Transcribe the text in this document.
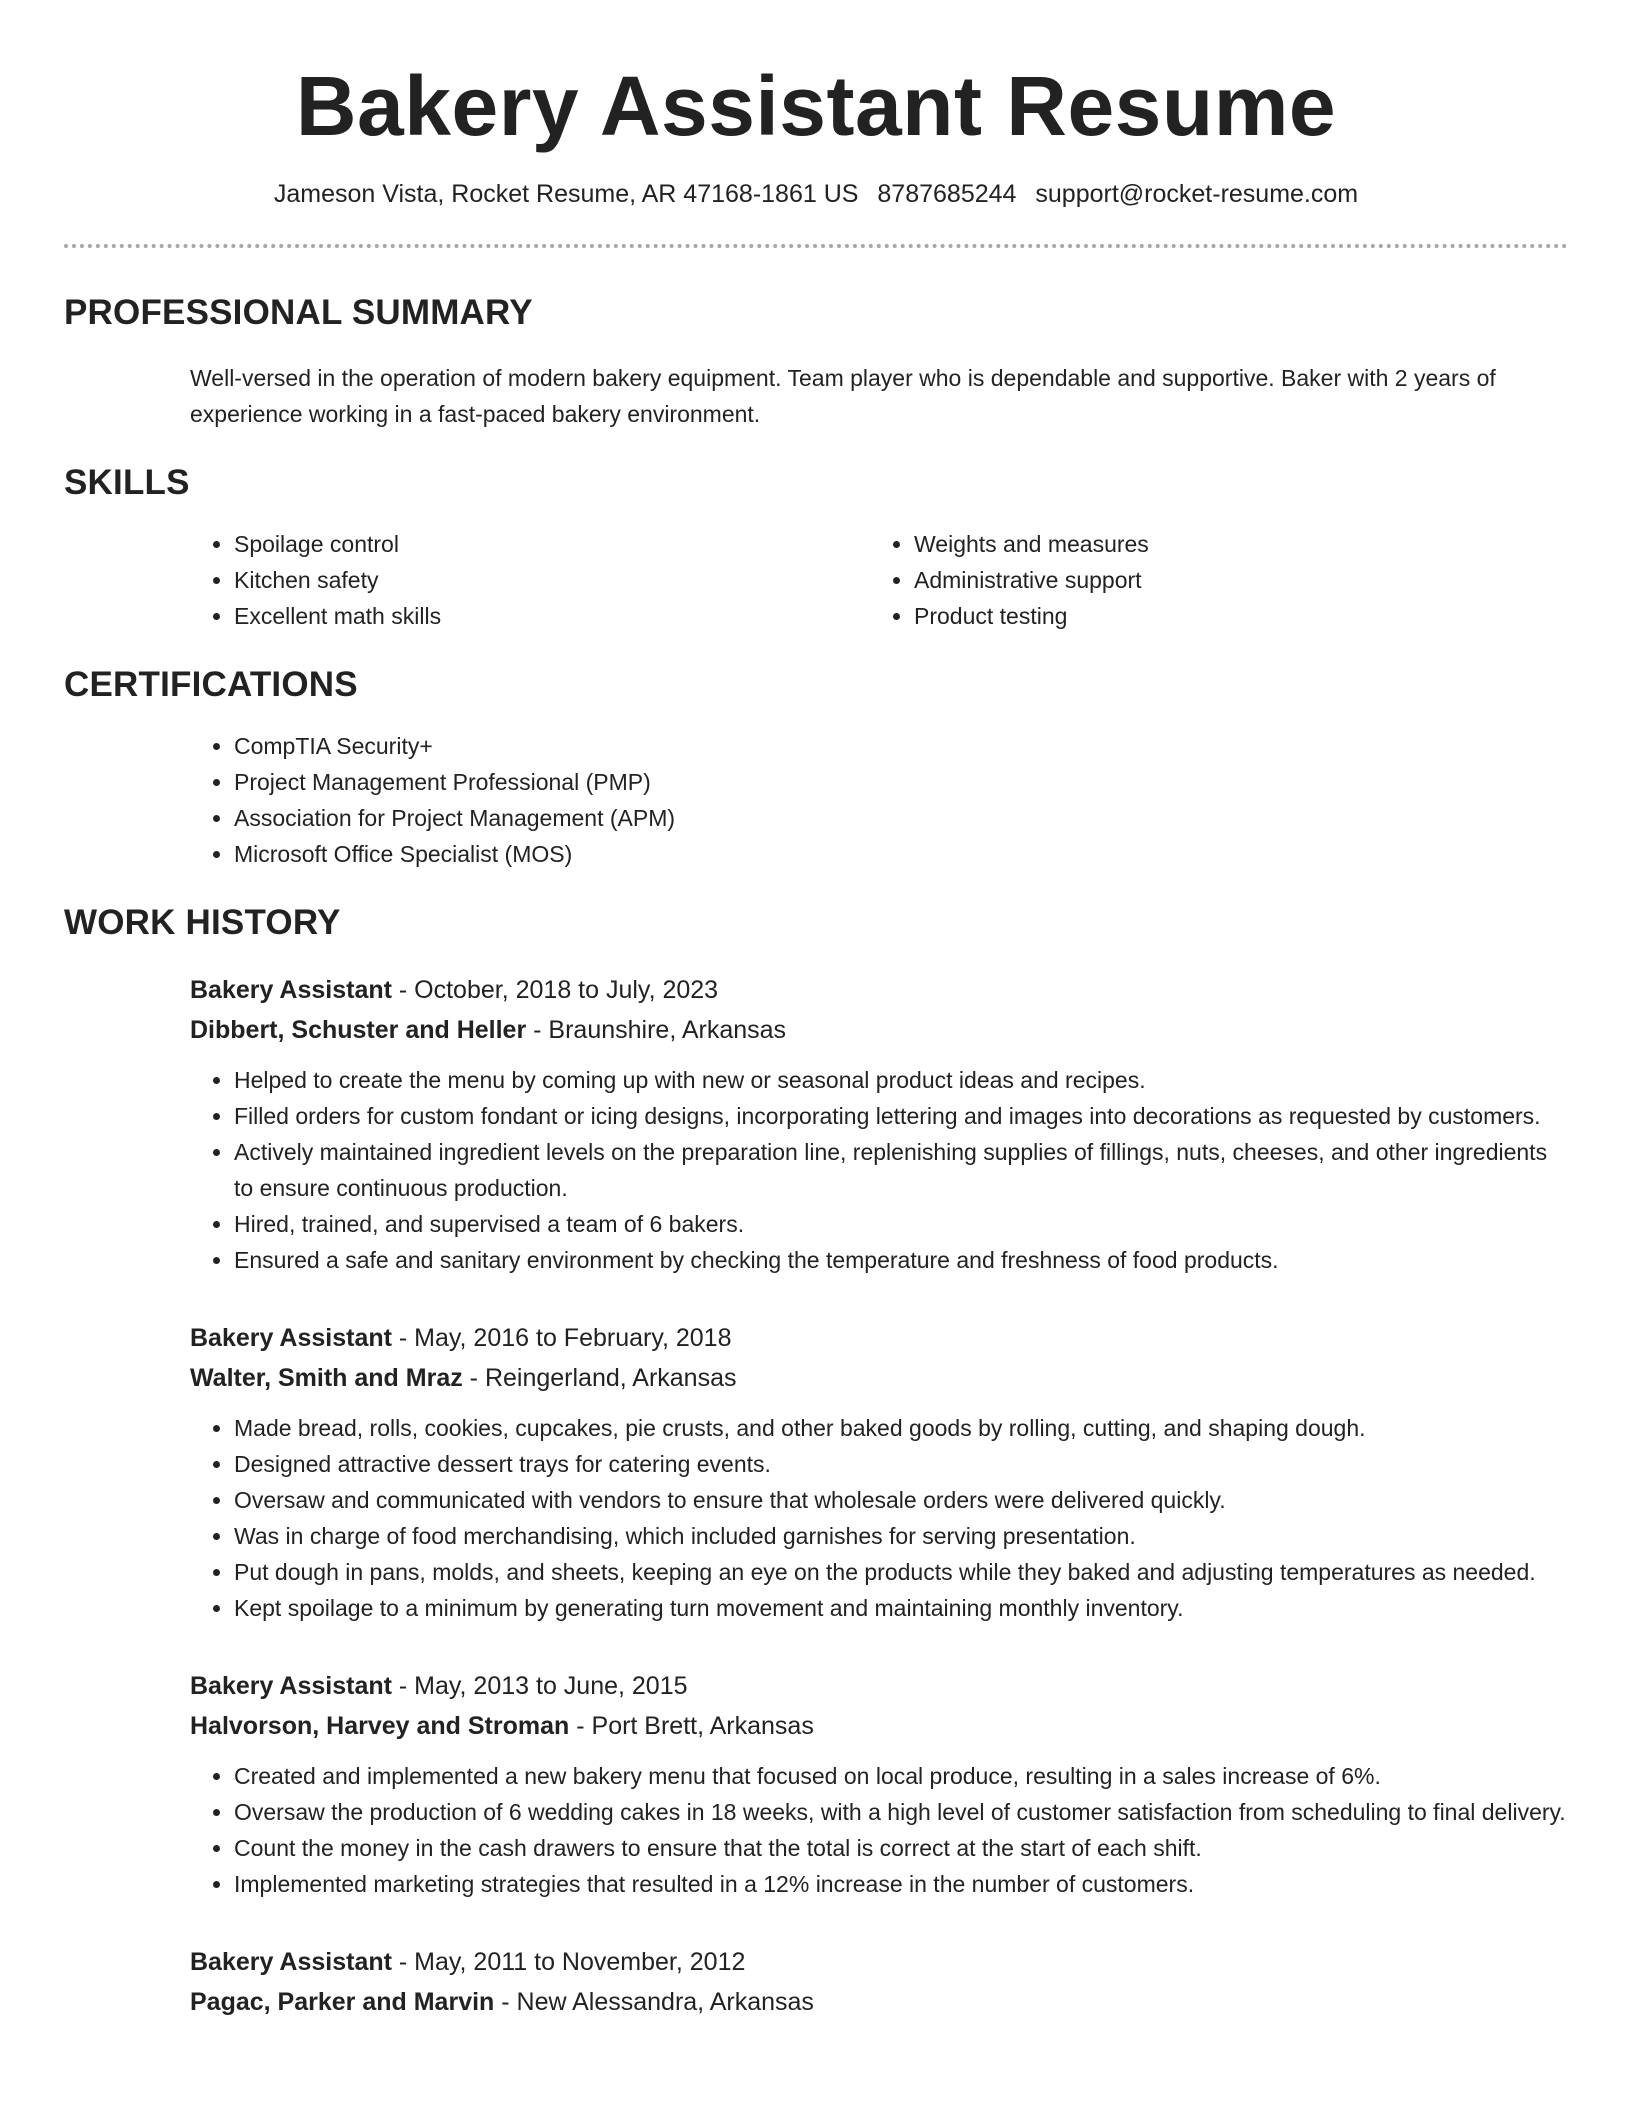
Bakery Assistant Resume
Jameson Vista, Rocket Resume, AR 47168-1861 US 8787685244 support@rocket-resume.com
PROFESSIONAL SUMMARY

Well-versed in the operation of modern bakery equipment. Team player who is dependable and supportive. Baker with 2 years of experience working in a fast-paced bakery environment.

SKILLS
• Spoilage control
• Kitchen safety
• Excellent math skills
• Weights and measures
• Administrative support
• Product testing
CERTIFICATIONS
• CompTIA Security+
• Project Management Professional (PMP)
• Association for Project Management (APM)
• Microsoft Office Specialist (MOS)
WORK HISTORY
Bakery Assistant - October, 2018 to July, 2023
Dibbert, Schuster and Heller - Braunshire, Arkansas
• Helped to create the menu by coming up with new or seasonal product ideas and recipes.
• Filled orders for custom fondant or icing designs, incorporating lettering and images into decorations as requested by customers.
• Actively maintained ingredient levels on the preparation line, replenishing supplies of fillings, nuts, cheeses, and other ingredients to ensure continuous production.
• Hired, trained, and supervised a team of 6 bakers.
• Ensured a safe and sanitary environment by checking the temperature and freshness of food products.
Bakery Assistant - May, 2016 to February, 2018
Walter, Smith and Mraz - Reingerland, Arkansas
• Made bread, rolls, cookies, cupcakes, pie crusts, and other baked goods by rolling, cutting, and shaping dough.
• Designed attractive dessert trays for catering events.
• Oversaw and communicated with vendors to ensure that wholesale orders were delivered quickly.
• Was in charge of food merchandising, which included garnishes for serving presentation.
• Put dough in pans, molds, and sheets, keeping an eye on the products while they baked and adjusting temperatures as needed.
• Kept spoilage to a minimum by generating turn movement and maintaining monthly inventory.
Bakery Assistant - May, 2013 to June, 2015
Halvorson, Harvey and Stroman - Port Brett, Arkansas
• Created and implemented a new bakery menu that focused on local produce, resulting in a sales increase of 6%.
• Oversaw the production of 6 wedding cakes in 18 weeks, with a high level of customer satisfaction from scheduling to final delivery.
• Count the money in the cash drawers to ensure that the total is correct at the start of each shift.
• Implemented marketing strategies that resulted in a 12% increase in the number of customers.
Bakery Assistant - May, 2011 to November, 2012
Pagac, Parker and Marvin - New Alessandra, Arkansas
